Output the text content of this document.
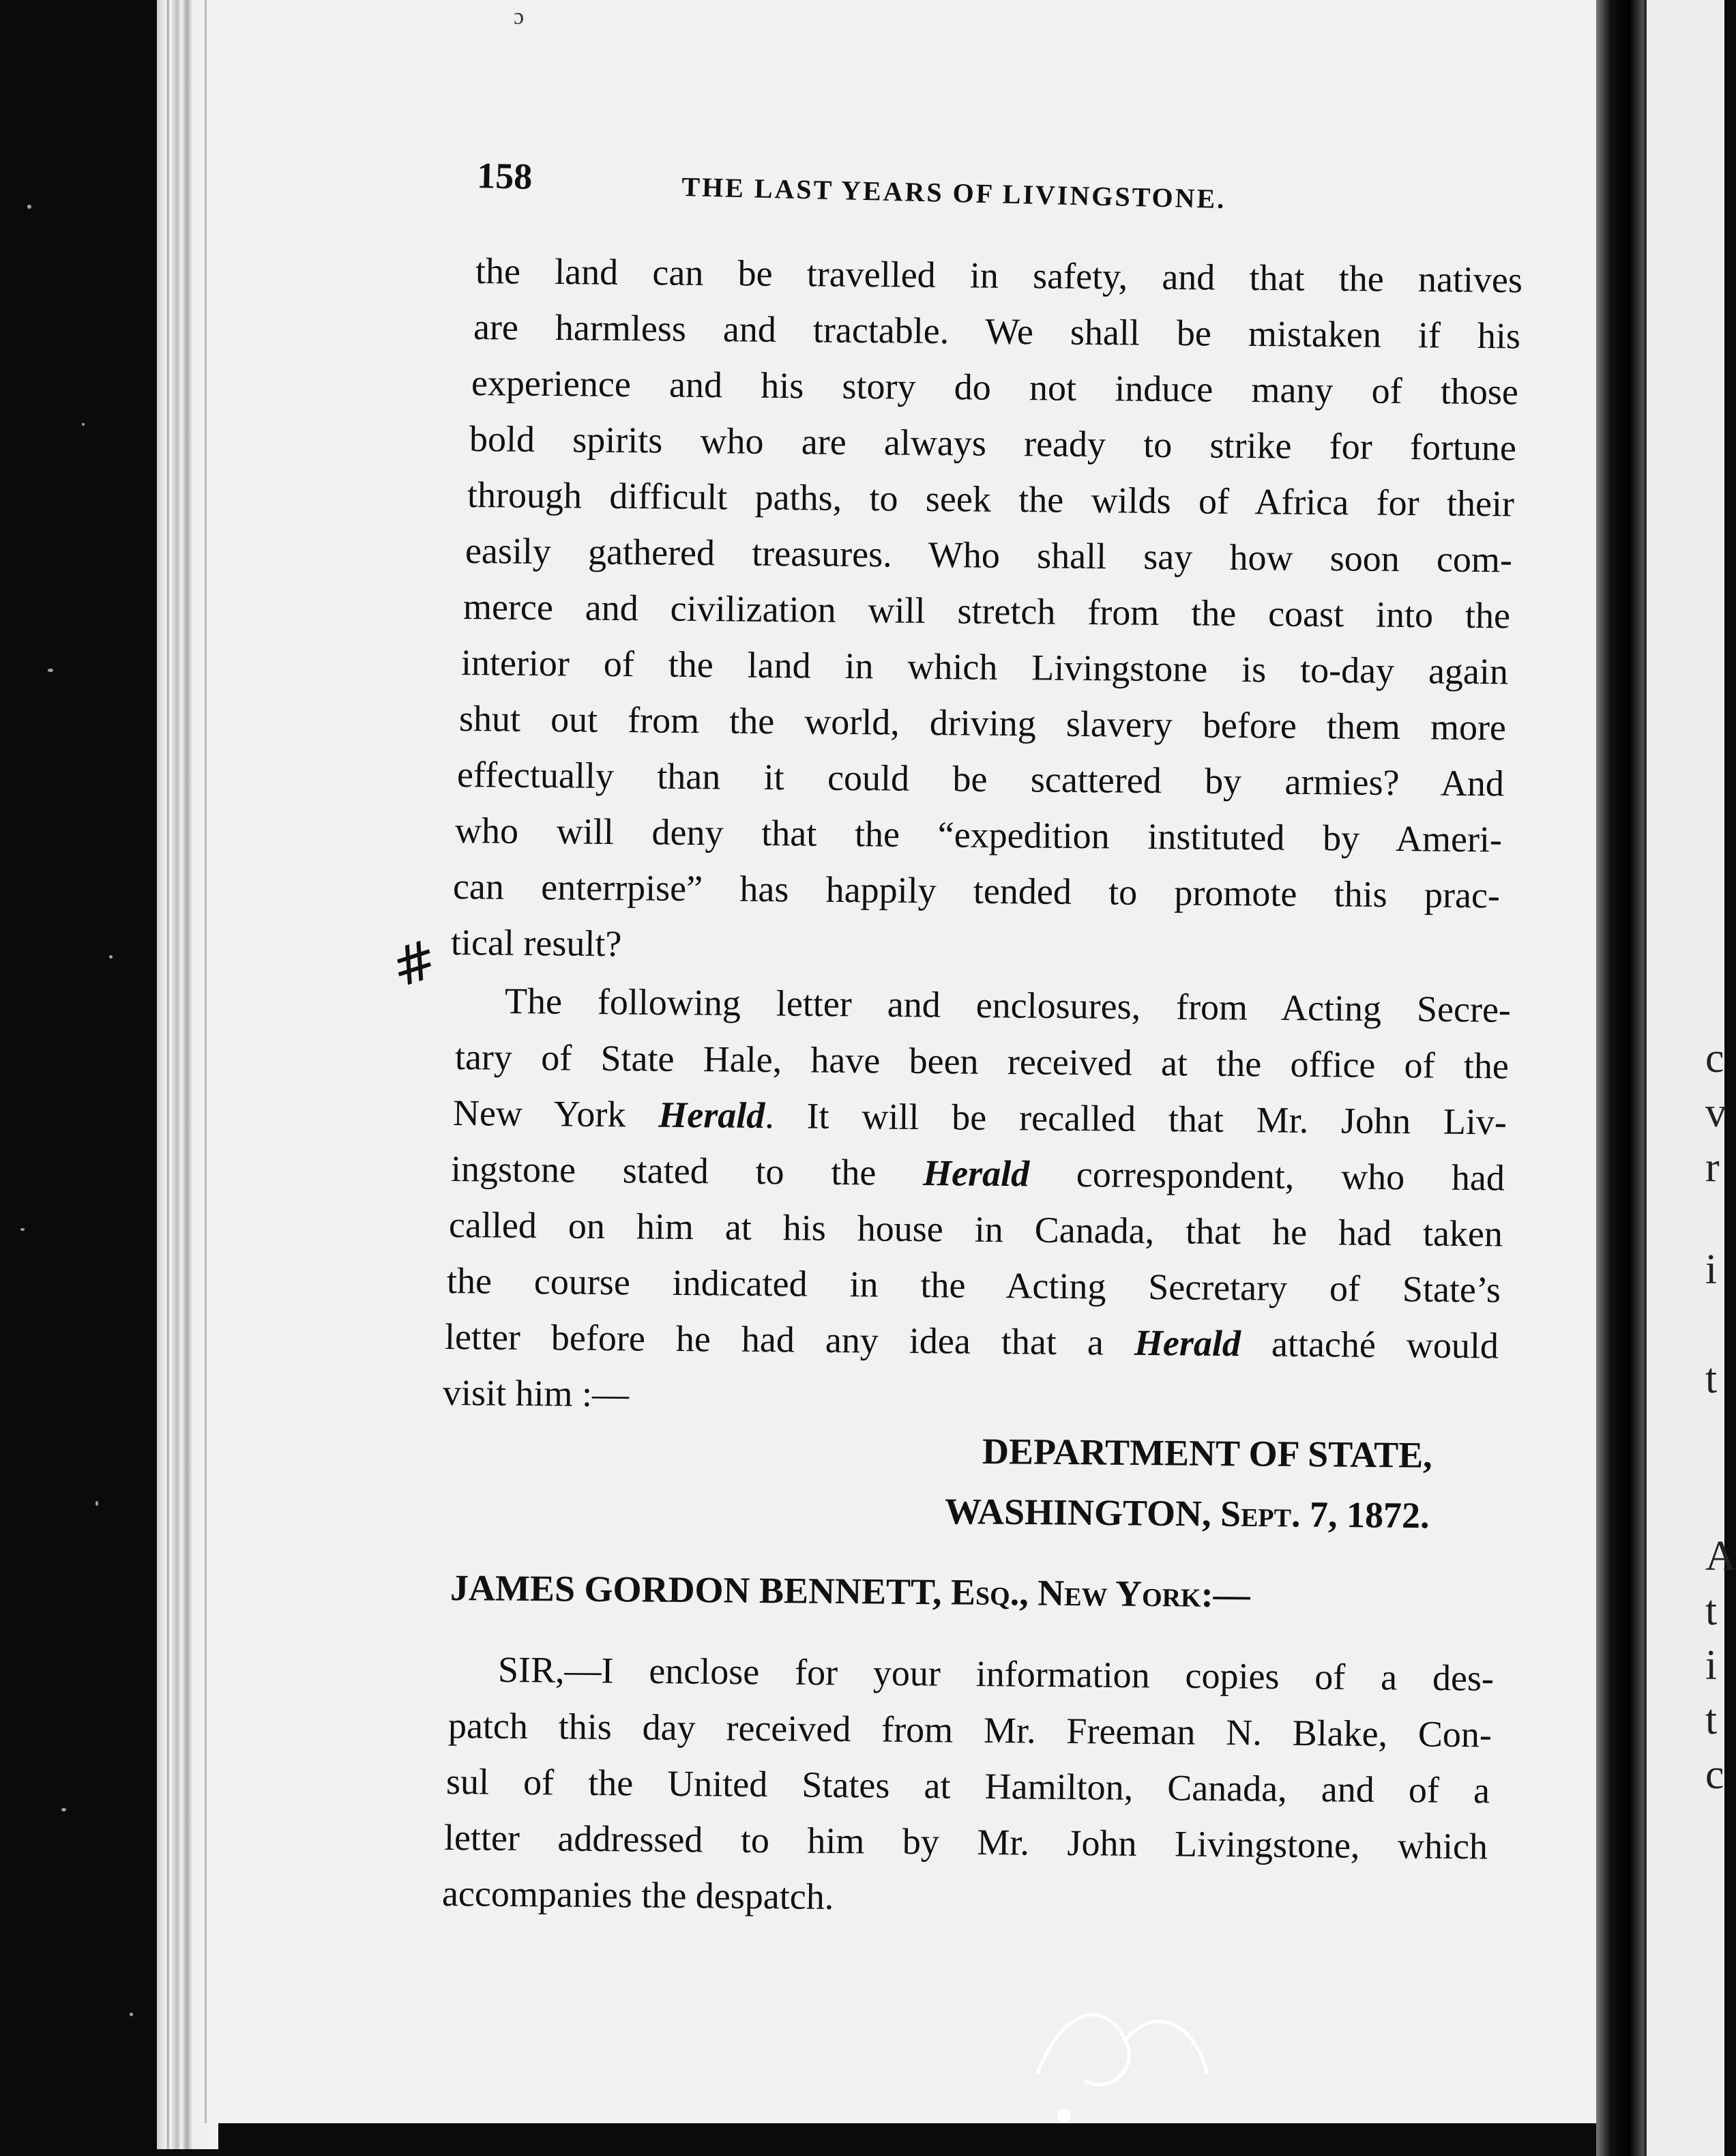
ɔ
c
v
r
i
t
A
t
i
t
c
158	THE LAST YEARS OF LIVINGSTONE.
the land can be travelled in safety, and that the natives
are harmless and tractable. We shall be mistaken if his
experience and his story do not induce many of those
bold spirits who are always ready to strike for fortune
through difficult paths, to seek the wilds of Africa for their
easily gathered treasures. Who shall say how soon com-
merce and civilization will stretch from the coast into the
interior of the land in which Livingstone is to-day again
shut out from the world, driving slavery before them more
effectually than it could be scattered by armies? And
who will deny that the “expedition instituted by Ameri-
can enterrpise” has happily tended to promote this prac-
tical result?
#
The following letter and enclosures, from Acting Secre-
tary of State Hale, have been received at the office of the
New York Herald. It will be recalled that Mr. John Liv-
ingstone stated to the Herald correspondent, who had
called on him at his house in Canada, that he had taken
the course indicated in the Acting Secretary of State’s
letter before he had any idea that a Herald attaché would
visit him :—
DEPARTMENT OF STATE,
WASHINGTON, Sept. 7, 1872.
JAMES GORDON BENNETT, Esq., New York:—
SIR,—I enclose for your information copies of a des-
patch this day received from Mr. Freeman N. Blake, Con-
sul of the United States at Hamilton, Canada, and of a
letter addressed to him by Mr. John Livingstone, which
accompanies the despatch.
